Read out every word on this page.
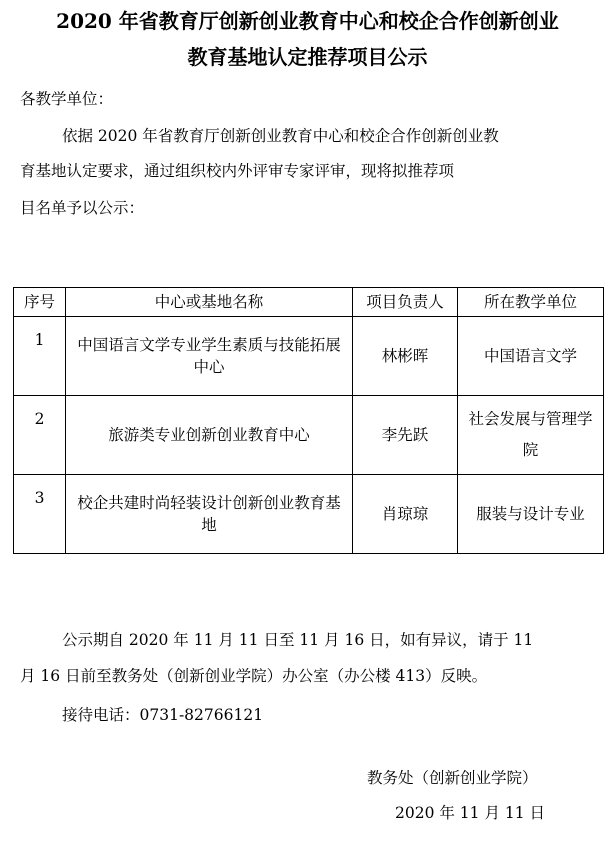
2020 年省教育厅创新创业教育中心和校企合作创新创业
教育基地认定推荐项目公示

各教学单位：

依据 2020 年省教育厅创新创业教育中心和校企合作创新创业教

育基地认定要求，通过组织校内外评审专家评审，现将拟推荐项

目名单予以公示：

序号	中心或基地名称	项目负责人	所在教学单位
1	中国语言文学专业学生素质与技能拓展中心	林彬晖	中国语言文学
2	旅游类专业创新创业教育中心	李先跃	社会发展与管理学院
3	校企共建时尚轻装设计创新创业教育基地	肖琼琼	服装与设计专业

公示期自 2020 年 11 月 11 日至 11 月 16 日，如有异议，请于 11

月 16 日前至教务处（创新创业学院）办公室（办公楼 413）反映。

接待电话：0731-82766121

教务处（创新创业学院）

2020 年 11 月 11 日
